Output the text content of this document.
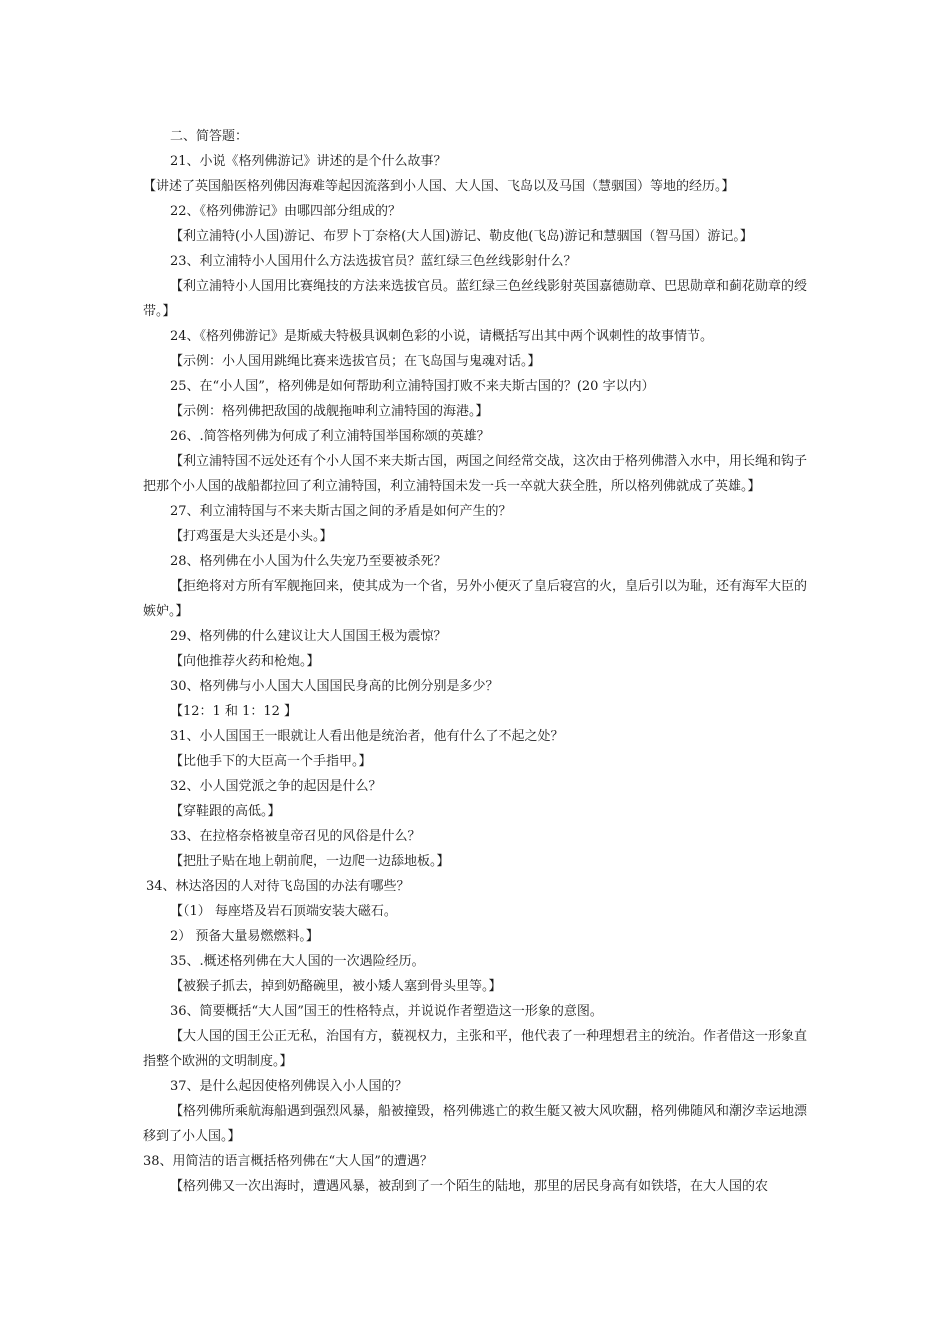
二、简答题：

21、小说《格列佛游记》讲述的是个什么故事？

【讲述了英国船医格列佛因海难等起因流落到小人国、大人国、飞岛以及马国（慧骃国）等地的经历。】

22、《格列佛游记》由哪四部分组成的？

【利立浦特(小人国)游记、布罗卜丁奈格(大人国)游记、勒皮他(飞岛)游记和慧骃国（智马国）游记。】

23、利立浦特小人国用什么方法选拔官员？蓝红绿三色丝线影射什么？

【利立浦特小人国用比赛绳技的方法来选拔官员。蓝红绿三色丝线影射英国嘉德勋章、巴思勋章和蓟花勋章的绶带。】

24、《格列佛游记》是斯威夫特极具讽刺色彩的小说，请概括写出其中两个讽刺性的故事情节。

【示例：小人国用跳绳比赛来选拔官员；在飞岛国与鬼魂对话。】

25、在“小人国”，格列佛是如何帮助利立浦特国打败不来夫斯古国的？(20 字以内）

【示例：格列佛把敌国的战舰拖呻利立浦特国的海港。】

26、.简答格列佛为何成了利立浦特国举国称颂的英雄？

【利立浦特国不远处还有个小人国不来夫斯古国，两国之间经常交战，这次由于格列佛潜入水中，用长绳和钩子把那个小人国的战船都拉回了利立浦特国，利立浦特国未发一兵一卒就大获全胜，所以格列佛就成了英雄。】

27、利立浦特国与不来夫斯古国之间的矛盾是如何产生的？

【打鸡蛋是大头还是小头。】

28、格列佛在小人国为什么失宠乃至要被杀死？

【拒绝将对方所有军舰拖回来，使其成为一个省，另外小便灭了皇后寝宫的火，皇后引以为耻，还有海军大臣的嫉妒。】

29、格列佛的什么建议让大人国国王极为震惊？

【向他推荐火药和枪炮。】

30、格列佛与小人国大人国国民身高的比例分别是多少？

【12：1 和 1：12 】

31、小人国国王一眼就让人看出他是统治者，他有什么了不起之处？

【比他手下的大臣高一个手指甲。】

32、小人国党派之争的起因是什么？

【穿鞋跟的高低。】

33、在拉格奈格被皇帝召见的风俗是什么？

【把肚子贴在地上朝前爬，一边爬一边舔地板。】

34、林达洛因的人对待飞岛国的办法有哪些？

【（1） 每座塔及岩石顶端安装大磁石。

2） 预备大量易燃燃料。】

35、.概述格列佛在大人国的一次遇险经历。

【被猴子抓去，掉到奶酪碗里，被小矮人塞到骨头里等。】

36、简要概括“大人国”国王的性格特点，并说说作者塑造这一形象的意图。

【大人国的国王公正无私，治国有方，藐视权力，主张和平，他代表了一种理想君主的统治。作者借这一形象直指整个欧洲的文明制度。】

37、是什么起因使格列佛误入小人国的？

【格列佛所乘航海船遇到强烈风暴，船被撞毁，格列佛逃亡的救生艇又被大风吹翻，格列佛随风和潮汐幸运地漂移到了小人国。】

38、用简洁的语言概括格列佛在“大人国”的遭遇？

【格列佛又一次出海时，遭遇风暴，被刮到了一个陌生的陆地，那里的居民身高有如铁塔，在大人国的农
